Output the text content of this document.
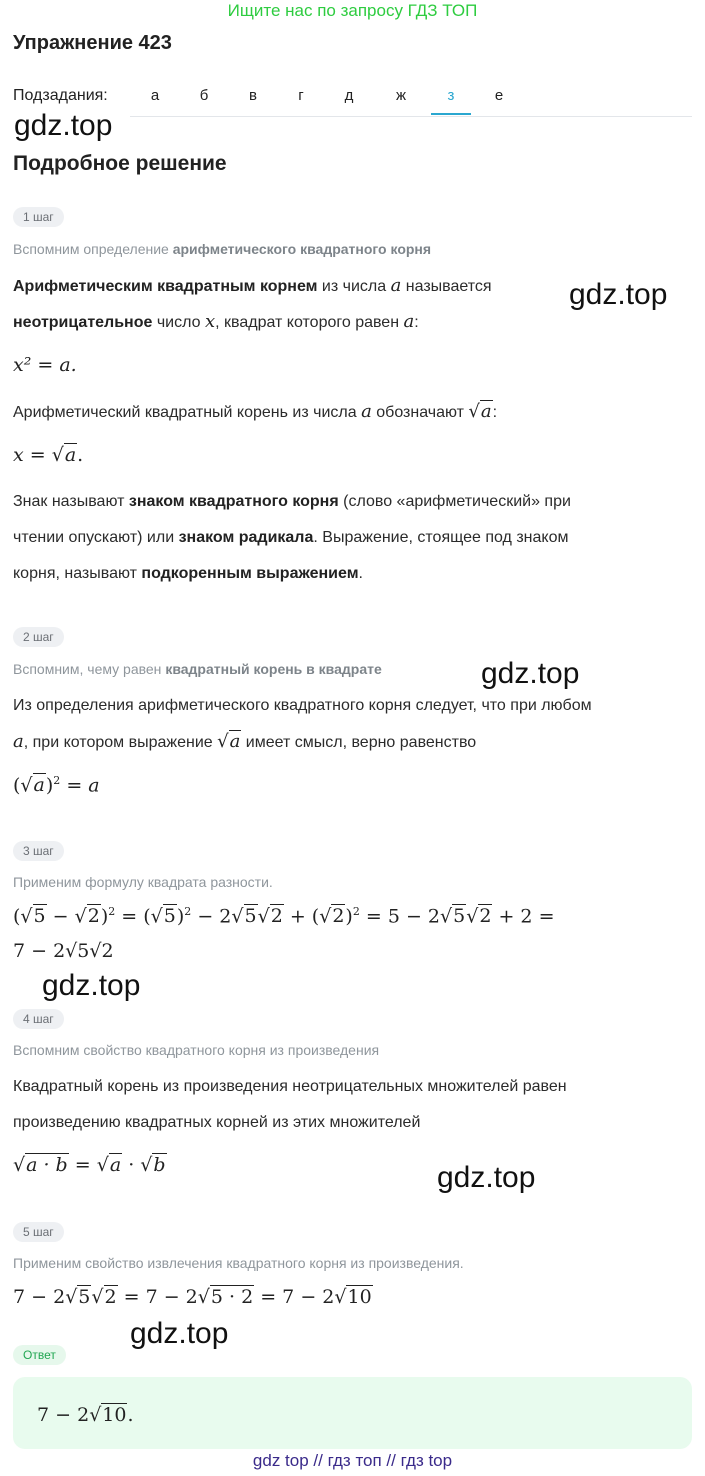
Ищите нас по запросу ГДЗ ТОП
Упражнение 423
Подзадания:	а	б	в	г	д	ж	з	е
gdz.top
Подробное решение
1 шаг
Вспомним определение арифметического квадратного корня
Арифметическим квадратным корнем из числа a называется	gdz.top
неотрицательное число x, квадрат которого равен a:
x² = a.
Арифметический квадратный корень из числа a обозначают √a:
x = √a.
Знак называют знаком квадратного корня (слово «арифметический» при
чтении опускают) или знаком радикала. Выражение, стоящее под знаком
корня, называют подкоренным выражением.
2 шаг
Вспомним, чему равен квадратный корень в квадрате	gdz.top
Из определения арифметического квадратного корня следует, что при любом
a, при котором выражение √a имеет смысл, верно равенство
$(√a)^2 = a$
3 шаг
Применим формулу квадрата разности.
$(√5 - √2)^2 = (√5)^2 - 2√5√2 + (√2)^2 = 5 - 2√5√2 + 2$ =
7 − 2√5√2
gdz.top
4 шаг
Вспомним свойство квадратного корня из произведения
Квадратный корень из произведения неотрицательных множителей равен
произведению квадратных корней из этих множителей
√a · b = √a · √b	gdz.top
5 шаг
Применим свойство извлечения квадратного корня из произведения.
7 − 2√5√2 = 7 − 2√5 · 2 = 7 − 2√10
gdz.top
Ответ
7 − 2√10.
gdz top // гдз топ // гдз top
